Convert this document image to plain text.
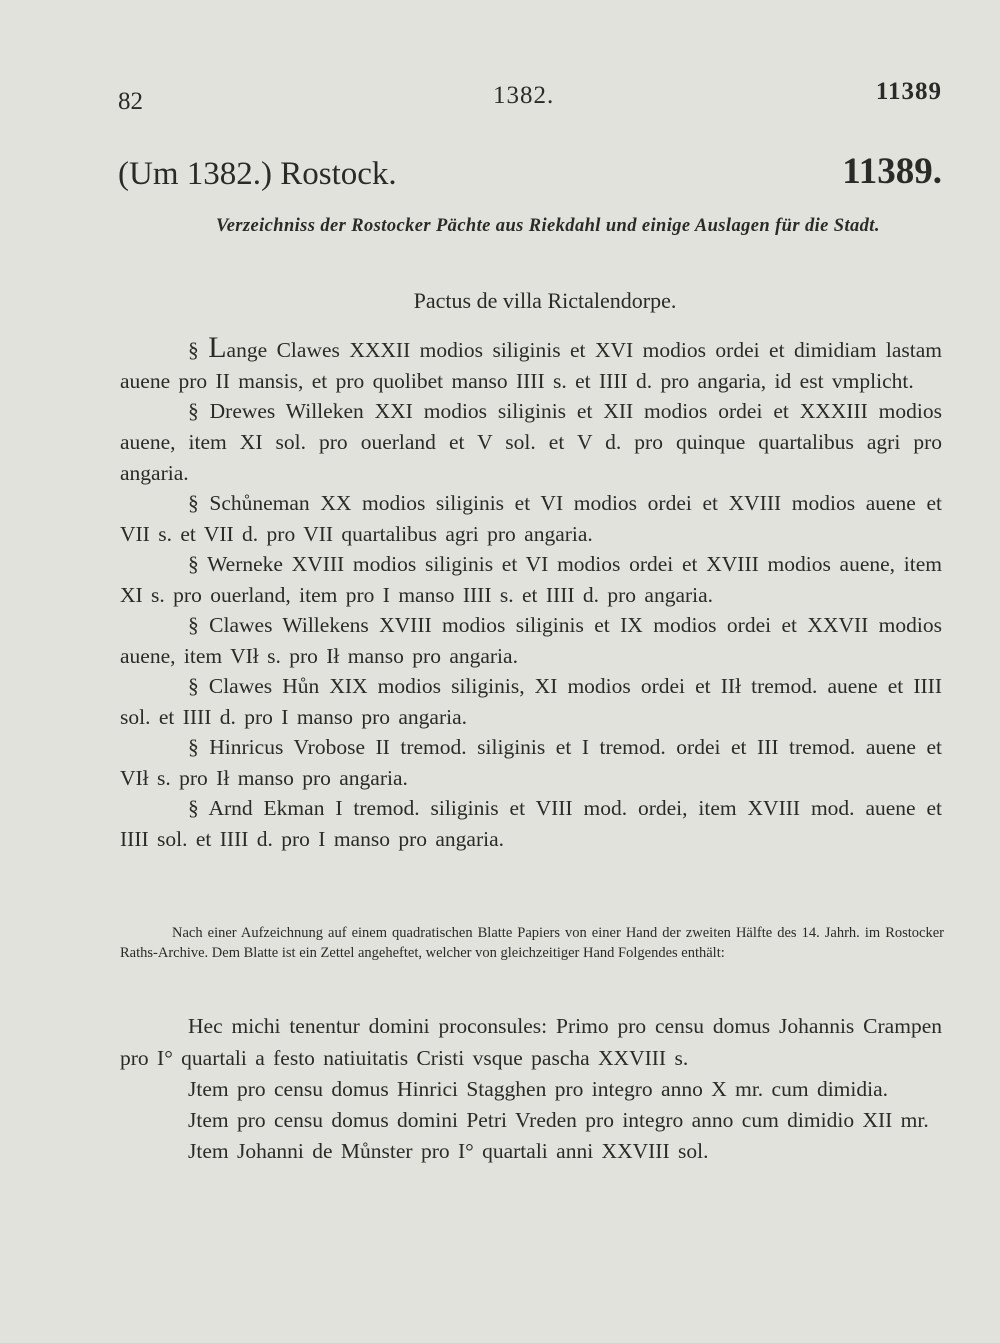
82	1382.	11389
(Um 1382.) Rostock.	11389.
Verzeichniss der Rostocker Pächte aus Riekdahl und einige Auslagen für die Stadt.
Pactus de villa Rictalendorpe.

§ Lange Clawes XXXII modios siliginis et XVI modios ordei et dimidiam lastam auene pro II mansis, et pro quolibet manso IIII s. et IIII d. pro angaria, id est vmplicht.

§ Drewes Willeken XXI modios siliginis et XII modios ordei et XXXIII modios auene, item XI sol. pro ouerland et V sol. et V d. pro quinque quartalibus agri pro angaria.

§ Schůneman XX modios siliginis et VI modios ordei et XVIII modios auene et VII s. et VII d. pro VII quartalibus agri pro angaria.

§ Werneke XVIII modios siliginis et VI modios ordei et XVIII modios auene, item XI s. pro ouerland, item pro I manso IIII s. et IIII d. pro angaria.

§ Clawes Willekens XVIII modios siliginis et IX modios ordei et XXVII modios auene, item VIł s. pro Ił manso pro angaria.

§ Clawes Hůn XIX modios siliginis, XI modios ordei et IIł tremod. auene et IIII sol. et IIII d. pro I manso pro angaria.

§ Hinricus Vrobose II tremod. siliginis et I tremod. ordei et III tremod. auene et VIł s. pro Ił manso pro angaria.

§ Arnd Ekman I tremod. siliginis et VIII mod. ordei, item XVIII mod. auene et IIII sol. et IIII d. pro I manso pro angaria.

Nach einer Aufzeichnung auf einem quadratischen Blatte Papiers von einer Hand der zweiten Hälfte des 14. Jahrh. im Rostocker Raths-Archive. Dem Blatte ist ein Zettel angeheftet, welcher von gleichzeitiger Hand Folgendes enthält:

Hec michi tenentur domini proconsules: Primo pro censu domus Johannis Crampen pro I° quartali a festo natiuitatis Cristi vsque pascha XXVIII s.

Jtem pro censu domus Hinrici Stagghen pro integro anno X mr. cum dimidia.

Jtem pro censu domus domini Petri Vreden pro integro anno cum dimidio XII mr.

Jtem Johanni de Můnster pro I° quartali anni XXVIII sol.
